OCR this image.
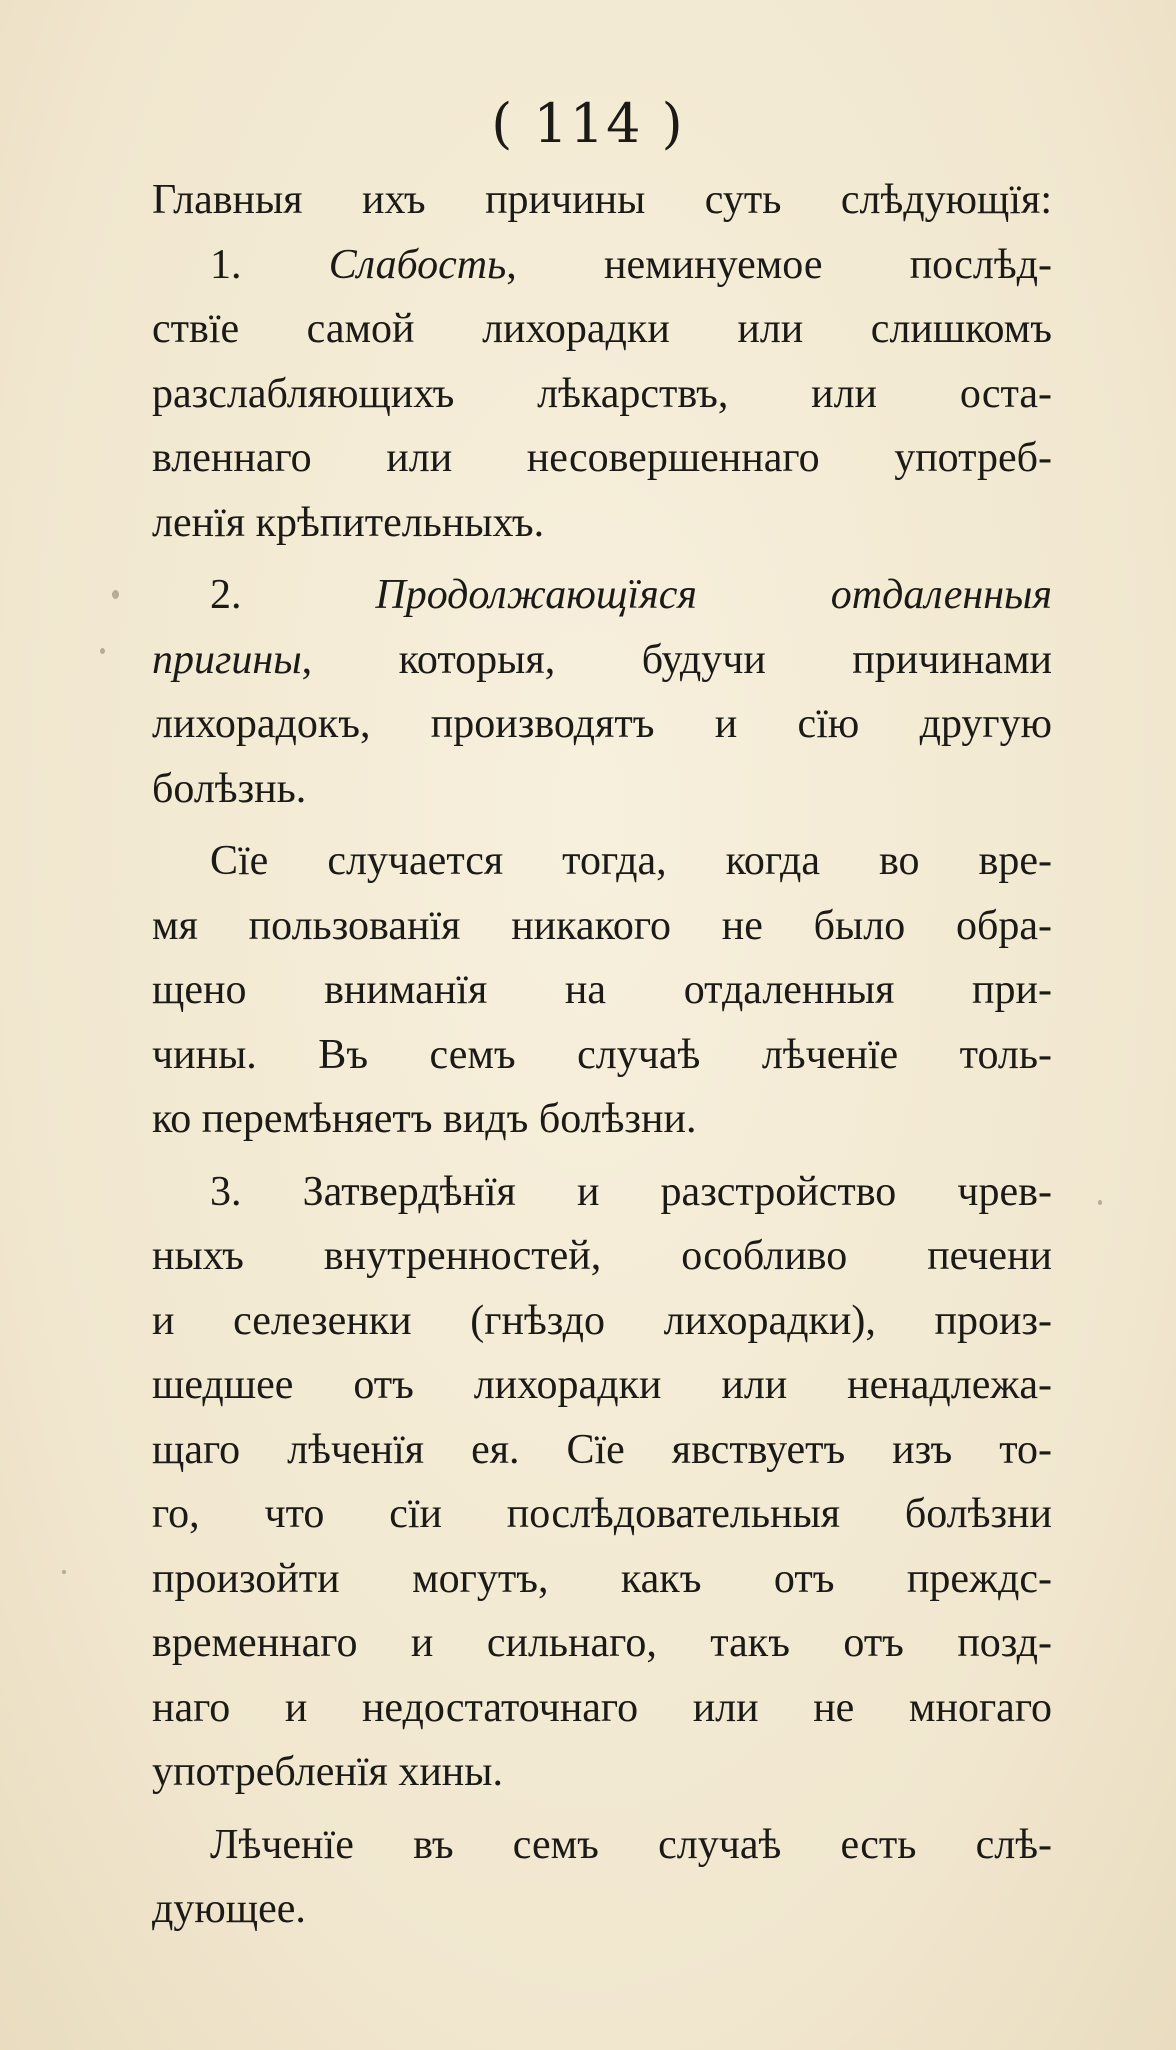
( 114 )
Главныя ихъ причины суть слѣдующїя:
1. Слабость, неминуемое послѣд-
ствїе самой лихорадки или слишкомъ
разслабляющихъ лѣкарствъ, или оста-
вленнаго или несовершеннаго употреб-
ленїя крѣпительныхъ.
2. Продолжающїяся отдаленныя
пригины, которыя, будучи причинами
лихорадокъ, производятъ и сїю другую
болѣзнь.
Сїе случается тогда, когда во вре-
мя пользованїя никакого не было обра-
щено вниманїя на отдаленныя при-
чины. Въ семъ случаѣ лѣченїе толь-
ко перемѣняетъ видъ болѣзни.
3. Затвердѣнїя и разстройство чрев-
ныхъ внутренностей, особливо печени
и селезенки (гнѣздо лихорадки), произ-
шедшее отъ лихорадки или ненадлежа-
щаго лѣченїя ея. Сїе явствуетъ изъ то-
го, что сїи послѣдовательныя болѣзни
произойти могутъ, какъ отъ преждс-
временнаго и сильнаго, такъ отъ позд-
наго и недостаточнаго или не многаго
употребленїя хины.
Лѣченїе въ семъ случаѣ есть слѣ-
дующее.
